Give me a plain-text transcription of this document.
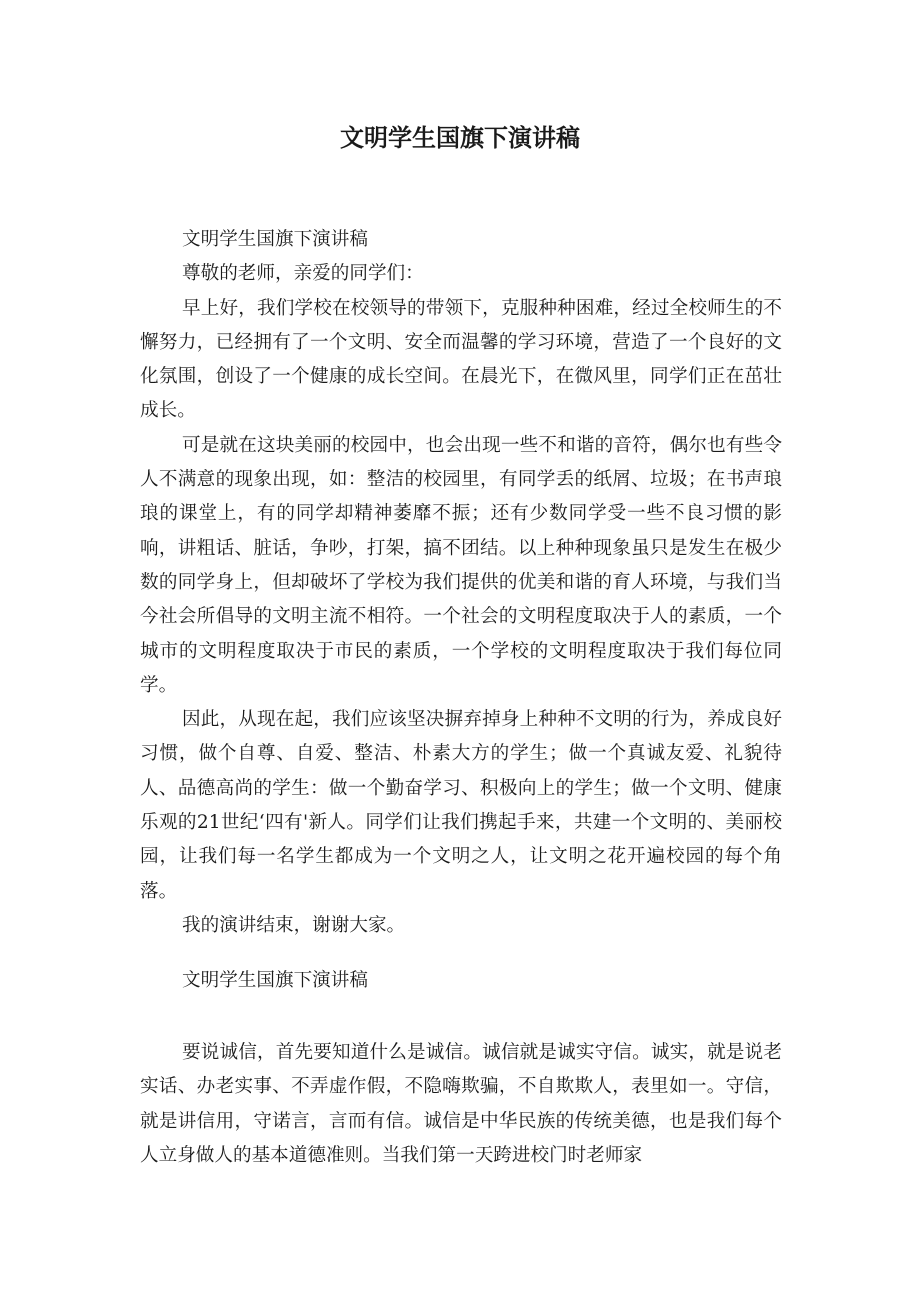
文明学生国旗下演讲稿

文明学生国旗下演讲稿

尊敬的老师，亲爱的同学们：

早上好，我们学校在校领导的带领下，克服种种困难，经过全校师生的不懈努力，已经拥有了一个文明、安全而温馨的学习环境，营造了一个良好的文化氛围，创设了一个健康的成长空间。在晨光下，在微风里，同学们正在茁壮成长。

可是就在这块美丽的校园中，也会出现一些不和谐的音符，偶尔也有些令人不满意的现象出现，如：整洁的校园里，有同学丢的纸屑、垃圾；在书声琅琅的课堂上，有的同学却精神萎靡不振；还有少数同学受一些不良习惯的影响，讲粗话、脏话，争吵，打架，搞不团结。以上种种现象虽只是发生在极少数的同学身上，但却破坏了学校为我们提供的优美和谐的育人环境，与我们当今社会所倡导的文明主流不相符。一个社会的文明程度取决于人的素质，一个城市的文明程度取决于市民的素质，一个学校的文明程度取决于我们每位同学。

因此，从现在起，我们应该坚决摒弃掉身上种种不文明的行为，养成良好习惯，做个自尊、自爱、整洁、朴素大方的学生；做一个真诚友爱、礼貌待人、品德高尚的学生：做一个勤奋学习、积极向上的学生；做一个文明、健康乐观的21世纪‘四有'新人。同学们让我们携起手来，共建一个文明的、美丽校园，让我们每一名学生都成为一个文明之人，让文明之花开遍校园的每个角落。

我的演讲结束，谢谢大家。

文明学生国旗下演讲稿

要说诚信，首先要知道什么是诚信。诚信就是诚实守信。诚实，就是说老实话、办老实事、不弄虚作假，不隐嗨欺骗，不自欺欺人，表里如一。守信，就是讲信用，守诺言，言而有信。诚信是中华民族的传统美德，也是我们每个人立身做人的基本道德准则。当我们第一天跨进校门时老师家
